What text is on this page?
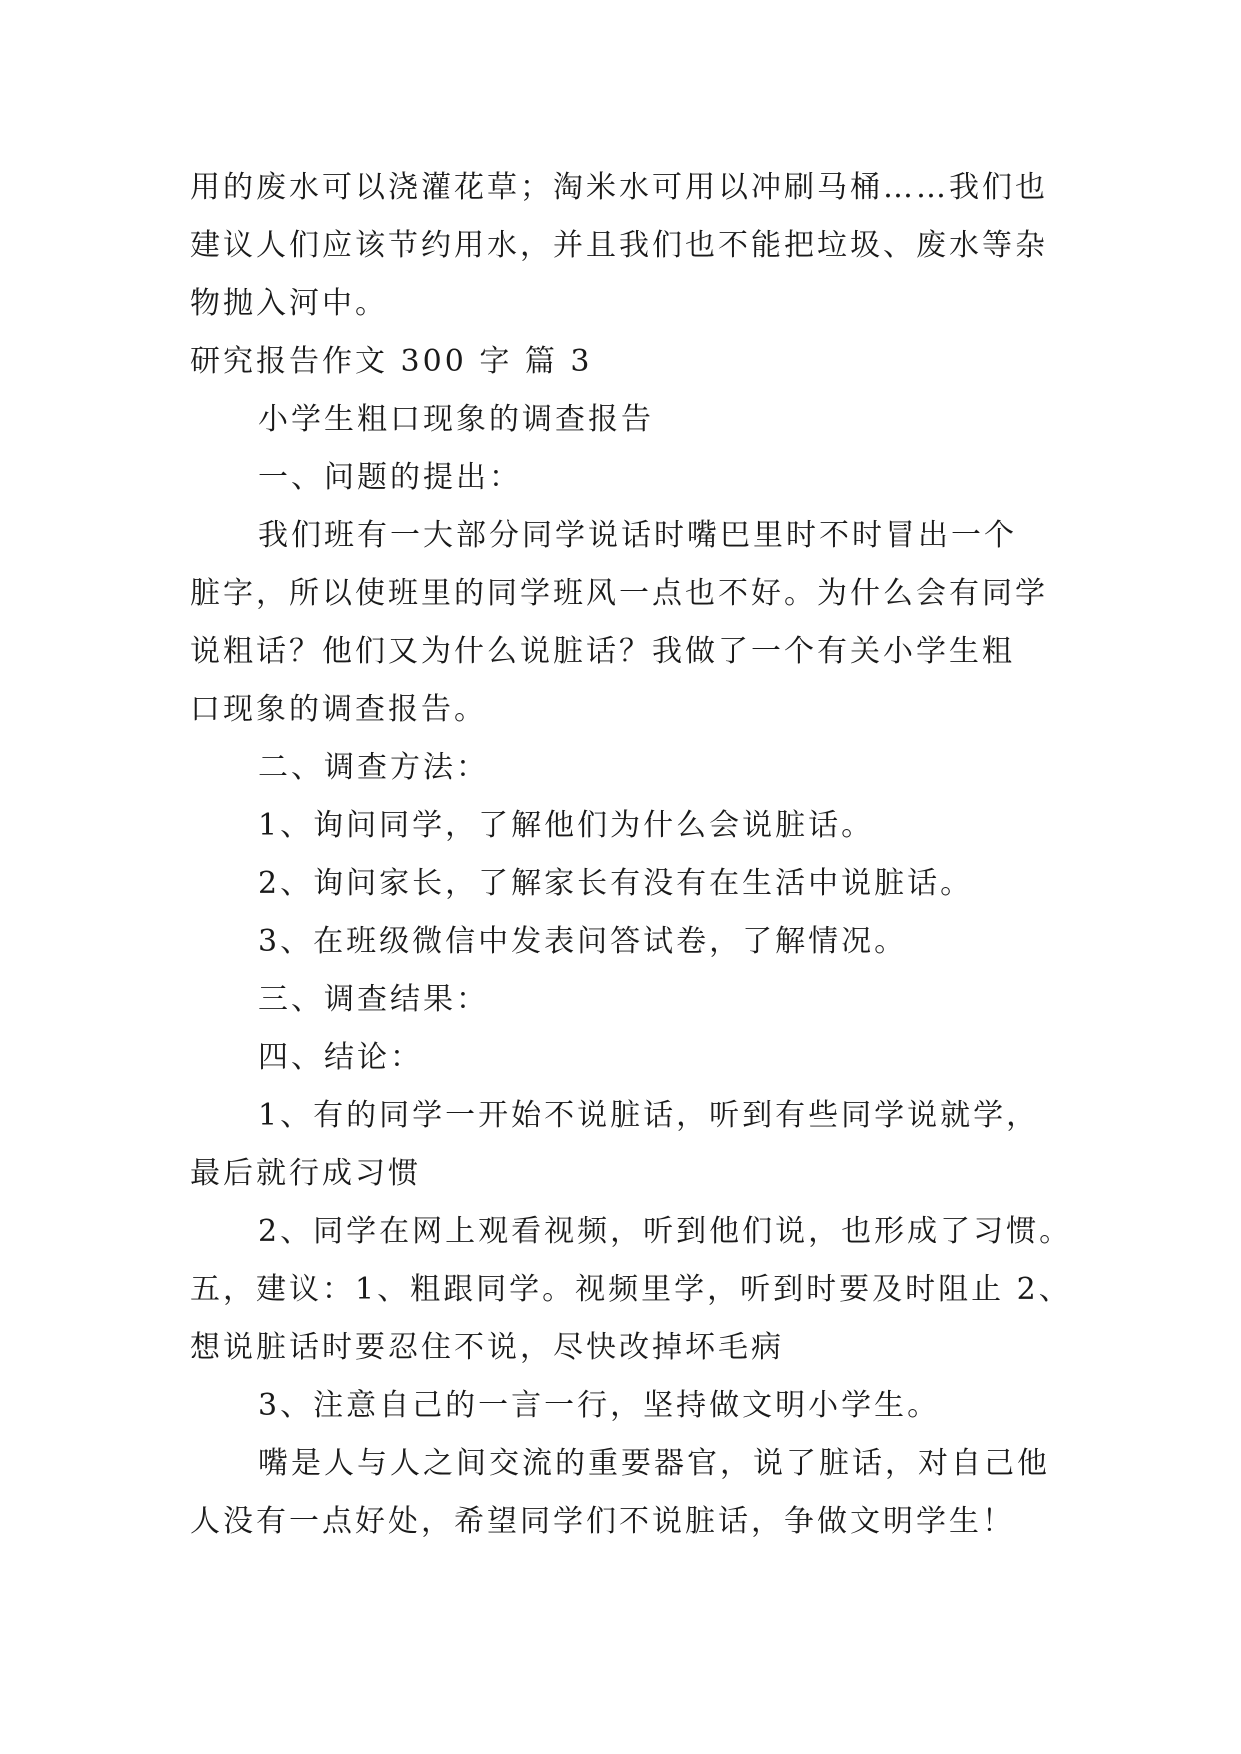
用的废水可以浇灌花草；淘米水可用以冲刷马桶……我们也
建议人们应该节约用水，并且我们也不能把垃圾、废水等杂
物抛入河中。
研究报告作文 300 字 篇 3
小学生粗口现象的调查报告
一、问题的提出：
我们班有一大部分同学说话时嘴巴里时不时冒出一个
脏字，所以使班里的同学班风一点也不好。为什么会有同学
说粗话？他们又为什么说脏话？我做了一个有关小学生粗
口现象的调查报告。
二、调查方法：
1、询问同学，了解他们为什么会说脏话。
2、询问家长，了解家长有没有在生活中说脏话。
3、在班级微信中发表问答试卷，了解情况。
三、调查结果：
四、结论：
1、有的同学一开始不说脏话，听到有些同学说就学，
最后就行成习惯
2、同学在网上观看视频，听到他们说，也形成了习惯。
五，建议：1、粗跟同学。视频里学，听到时要及时阻止 2、
想说脏话时要忍住不说，尽快改掉坏毛病
3、注意自己的一言一行，坚持做文明小学生。
嘴是人与人之间交流的重要器官，说了脏话，对自己他
人没有一点好处，希望同学们不说脏话，争做文明学生！
